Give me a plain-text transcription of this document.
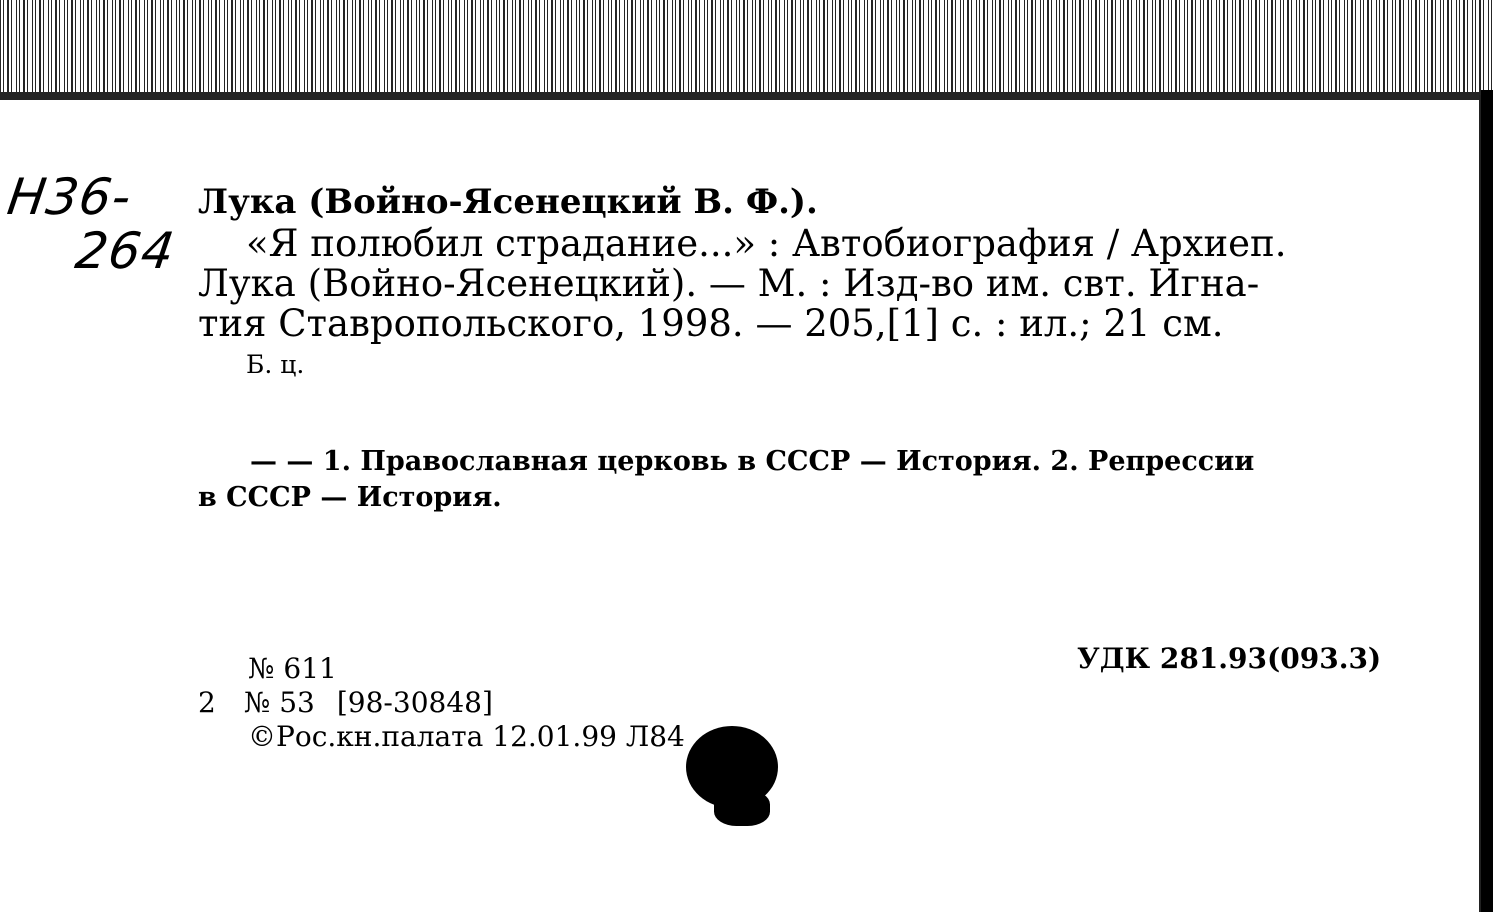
Н36-
264
Лука (Войно-Ясенецкий В. Ф.).
«Я полюбил страдание...» : Автобиография / Архиеп.
Лука (Войно-Ясенецкий). — М. : Изд-во им. свт. Игна-
тия Ставропольского, 1998. — 205,[1] с. : ил.; 21 см.
Б. ц.
— — 1. Православная церковь в СССР — История. 2. Репрессии
в СССР — История.
№ 611	УДК 281.93(093.3)
2 № 53 [98-30848]
©Рос.кн.палата 12.01.99 Л84
